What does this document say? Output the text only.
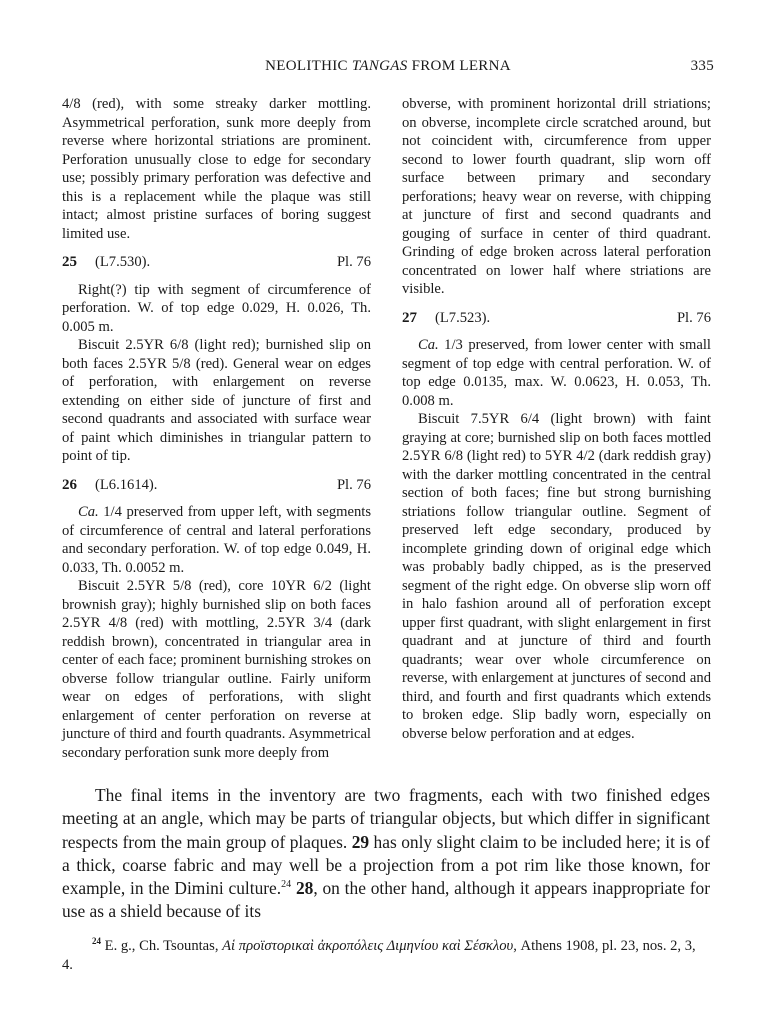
NEOLITHIC TANGAS FROM LERNA	335

4/8 (red), with some streaky darker mottling. Asymmetrical perforation, sunk more deeply from reverse where horizontal striations are prominent. Perforation unusually close to edge for secondary use; possibly primary perforation was defective and this is a replacement while the plaque was still intact; almost pristine surfaces of boring suggest limited use.

25 (L7.530).	Pl. 76

Right(?) tip with segment of circumference of perforation. W. of top edge 0.029, H. 0.026, Th. 0.005 m.

Biscuit 2.5YR 6/8 (light red); burnished slip on both faces 2.5YR 5/8 (red). General wear on edges of perforation, with enlargement on reverse extending on either side of juncture of first and second quadrants and associated with surface wear of paint which diminishes in triangular pattern to point of tip.

26 (L6.1614).	Pl. 76

Ca. 1/4 preserved from upper left, with segments of circumference of central and lateral perforations and secondary perforation. W. of top edge 0.049, H. 0.033, Th. 0.0052 m.

Biscuit 2.5YR 5/8 (red), core 10YR 6/2 (light brownish gray); highly burnished slip on both faces 2.5YR 4/8 (red) with mottling, 2.5YR 3/4 (dark reddish brown), concentrated in triangular area in center of each face; prominent burnishing strokes on obverse follow triangular outline. Fairly uniform wear on edges of perforations, with slight enlargement of center perforation on reverse at juncture of third and fourth quadrants. Asymmetrical secondary perforation sunk more deeply from

obverse, with prominent horizontal drill striations; on obverse, incomplete circle scratched around, but not coincident with, circumference from upper second to lower fourth quadrant, slip worn off surface between primary and secondary perforations; heavy wear on reverse, with chipping at juncture of first and second quadrants and gouging of surface in center of third quadrant. Grinding of edge broken across lateral perforation concentrated on lower half where striations are visible.

27 (L7.523).	Pl. 76

Ca. 1/3 preserved, from lower center with small segment of top edge with central perforation. W. of top edge 0.0135, max. W. 0.0623, H. 0.053, Th. 0.008 m.

Biscuit 7.5YR 6/4 (light brown) with faint graying at core; burnished slip on both faces mottled 2.5YR 6/8 (light red) to 5YR 4/2 (dark reddish gray) with the darker mottling concentrated in the central section of both faces; fine but strong burnishing striations follow triangular outline. Segment of preserved left edge secondary, produced by incomplete grinding down of original edge which was probably badly chipped, as is the preserved segment of the right edge. On obverse slip worn off in halo fashion around all of perforation except upper first quadrant, with slight enlargement in first quadrant and at juncture of third and fourth quadrants; wear over whole circumference on reverse, with enlargement at junctures of second and third, and fourth and first quadrants which extends to broken edge. Slip badly worn, especially on obverse below perforation and at edges.

The final items in the inventory are two fragments, each with two finished edges meeting at an angle, which may be parts of triangular objects, but which differ in significant respects from the main group of plaques. 29 has only slight claim to be included here; it is of a thick, coarse fabric and may well be a projection from a pot rim like those known, for example, in the Dimini culture.$^{24}$ 28, on the other hand, although it appears inappropriate for use as a shield because of its

$^{24}$ E. g., Ch. Tsountas, Αἱ προϊστορικαὶ ἀκροπόλεις Διμηνίου καὶ Σέσκλου, Athens 1908, pl. 23, nos. 2, 3, 4.
